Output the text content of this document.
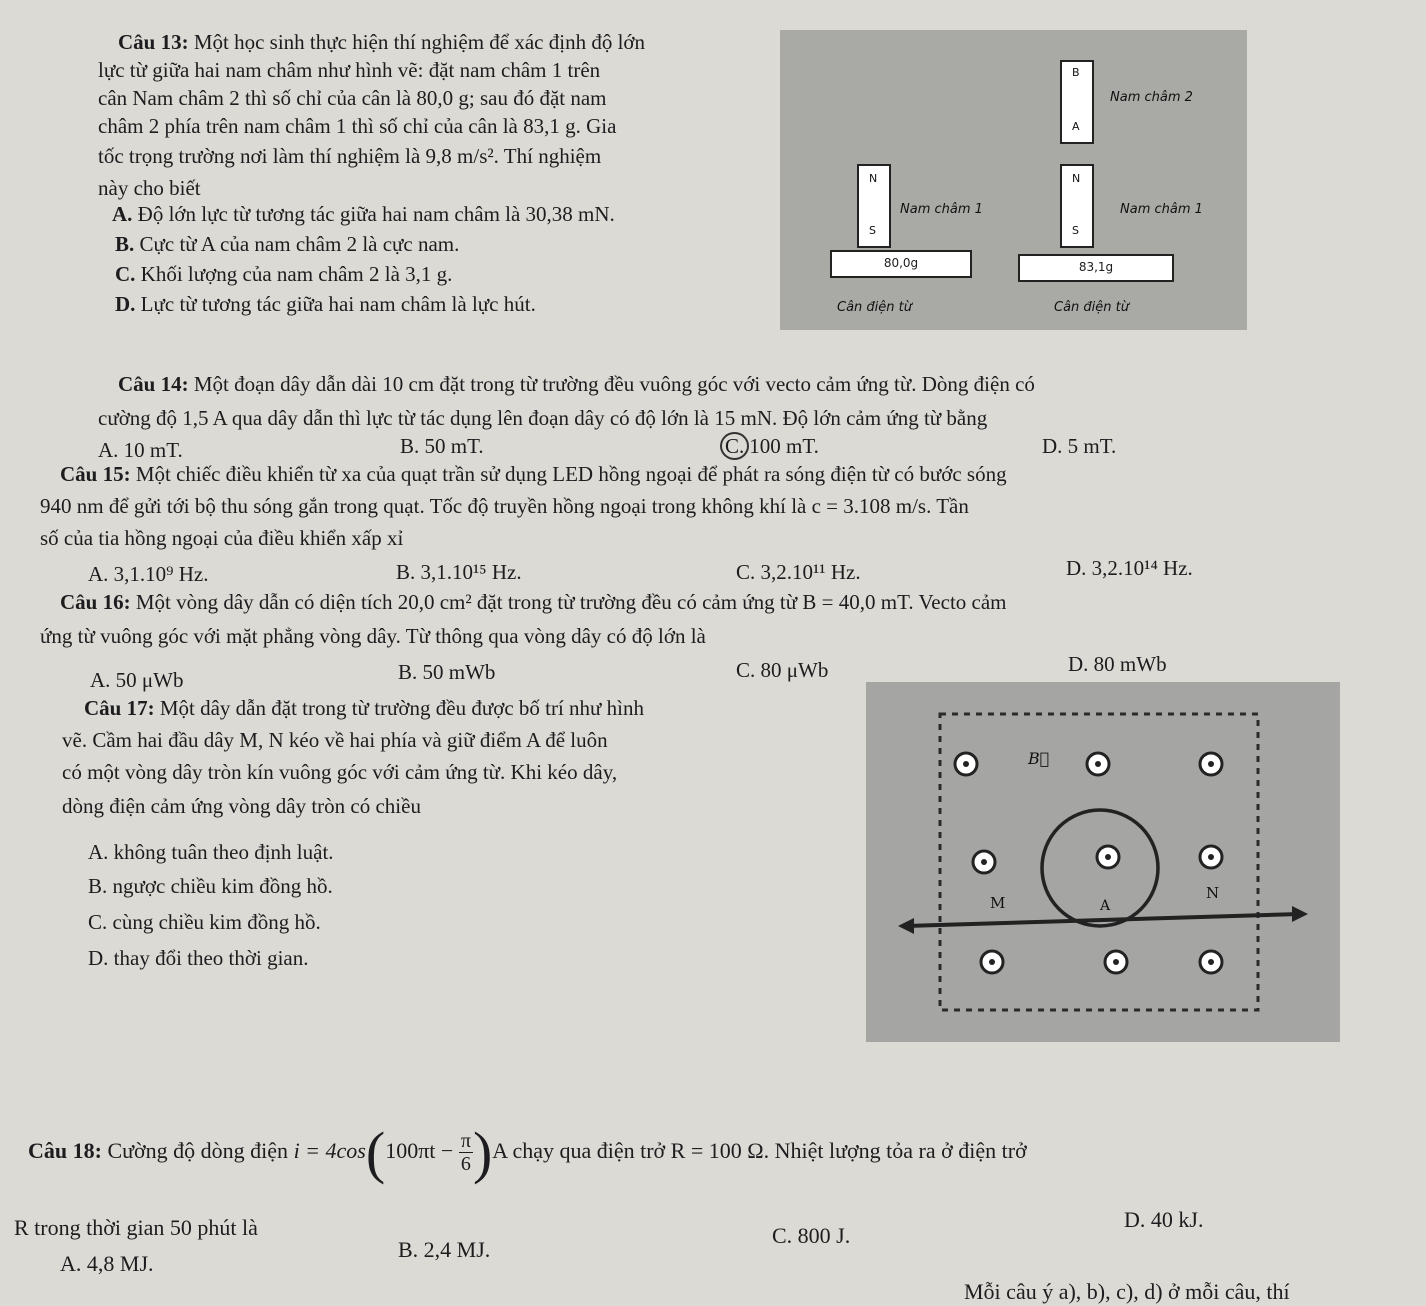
Câu 13: Một học sinh thực hiện thí nghiệm để xác định độ lớn
lực từ giữa hai nam châm như hình vẽ: đặt nam châm 1 trên
cân Nam châm 2 thì số chỉ của cân là 80,0 g; sau đó đặt nam
châm 2 phía trên nam châm 1 thì số chỉ của cân là 83,1 g. Gia
tốc trọng trường nơi làm thí nghiệm là 9,8 m/s². Thí nghiệm
này cho biết
A. Độ lớn lực từ tương tác giữa hai nam châm là 30,38 mN.
B. Cực từ A của nam châm 2 là cực nam.
C. Khối lượng của nam châm 2 là 3,1 g.
D. Lực từ tương tác giữa hai nam châm là lực hút.
N
S
Nam châm 1
80,0g
Cân điện từ
B
A
Nam châm 2
N
S
Nam châm 1
83,1g
Cân điện từ
Câu 14: Một đoạn dây dẫn dài 10 cm đặt trong từ trường đều vuông góc với vecto cảm ứng từ. Dòng điện có
cường độ 1,5 A qua dây dẫn thì lực từ tác dụng lên đoạn dây có độ lớn là 15 mN. Độ lớn cảm ứng từ bằng
A. 10 mT.	B. 50 mT.	C. 100 mT.	D. 5 mT.
Câu 15: Một chiếc điều khiển từ xa của quạt trần sử dụng LED hồng ngoại để phát ra sóng điện từ có bước sóng
940 nm để gửi tới bộ thu sóng gắn trong quạt. Tốc độ truyền hồng ngoại trong không khí là c = 3.108 m/s. Tần
số của tia hồng ngoại của điều khiển xấp xỉ
A. 3,1.10⁹ Hz.	B. 3,1.10¹⁵ Hz.	C. 3,2.10¹¹ Hz.	D. 3,2.10¹⁴ Hz.
Câu 16: Một vòng dây dẫn có diện tích 20,0 cm² đặt trong từ trường đều có cảm ứng từ B = 40,0 mT. Vecto cảm
ứng từ vuông góc với mặt phẳng vòng dây. Từ thông qua vòng dây có độ lớn là
A. 50 μWb	B. 50 mWb	C. 80 μWb	D. 80 mWb
Câu 17: Một dây dẫn đặt trong từ trường đều được bố trí như hình
vẽ. Cầm hai đầu dây M, N kéo về hai phía và giữ điểm A để luôn
có một vòng dây tròn kín vuông góc với cảm ứng từ. Khi kéo dây,
dòng điện cảm ứng vòng dây tròn có chiều
A. không tuân theo định luật.
B. ngược chiều kim đồng hồ.
C. cùng chiều kim đồng hồ.
D. thay đổi theo thời gian.
B⃗
M	A
N
Câu 18: Cường độ dòng điện $i = 4\cos(100\pi t - \frac{\pi}{6} )A$ chạy qua điện trở R = 100 Ω. Nhiệt lượng tỏa ra ở điện trở
R trong thời gian 50 phút là
A. 4,8 MJ.
B. 2,4 MJ.
C. 800 J.
D. 40 kJ.
Mỗi câu ý a), b), c), d) ở mỗi câu, thí
